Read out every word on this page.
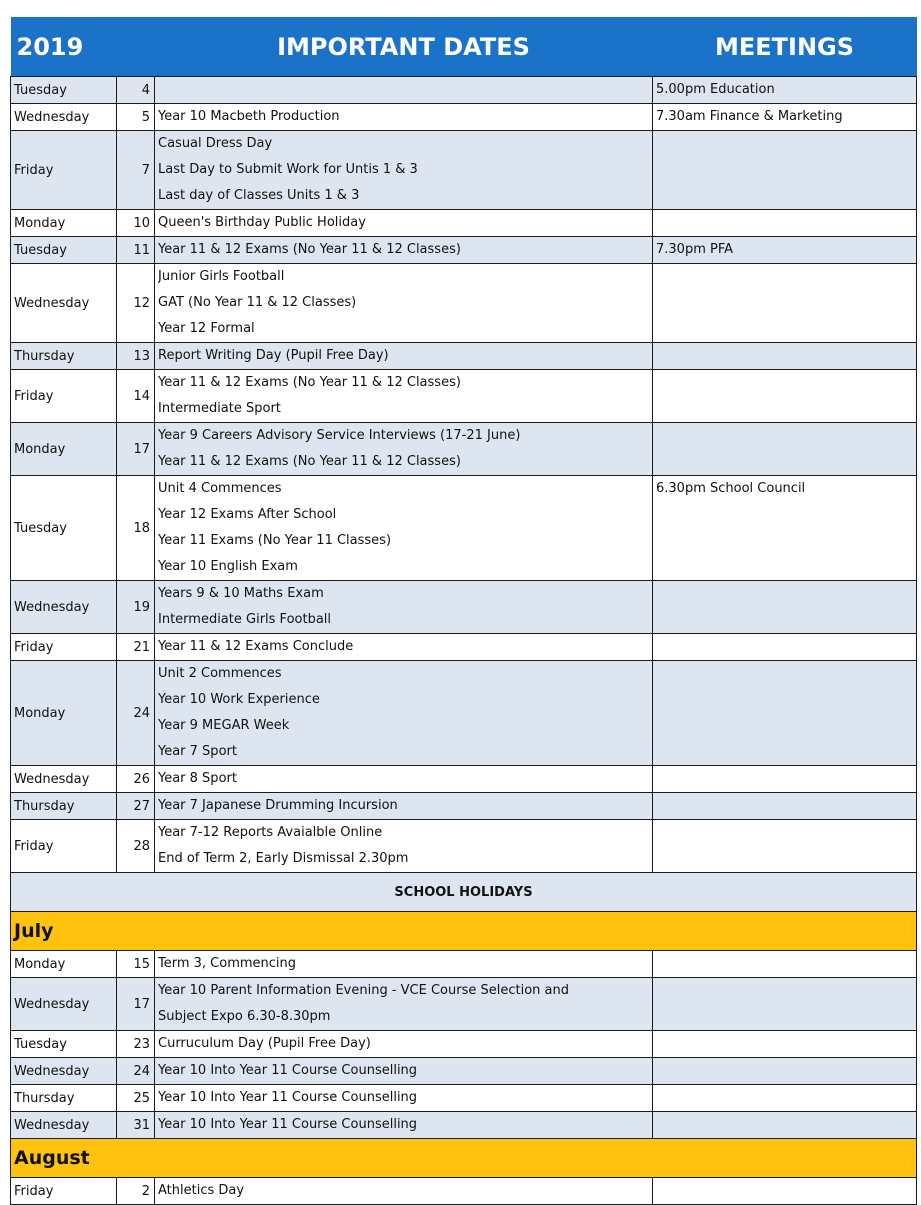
2019		IMPORTANT DATES	MEETINGS
Tuesday	4		5.00pm Education

Wednesday	5	Year 10 Macbeth Production	7.30am Finance & Marketing

Friday	7	Casual Dress Day
Last Day to Submit Work for Untis 1 & 3
Last day of Classes Units 1 & 3	

Monday	10	Queen's Birthday Public Holiday	

Tuesday	11	Year 11 & 12 Exams (No Year 11 & 12 Classes)	7.30pm PFA

Wednesday	12	Junior Girls Football
GAT (No Year 11 & 12 Classes)
Year 12 Formal	

Thursday	13	Report Writing Day (Pupil Free Day)	

Friday	14	Year 11 & 12 Exams (No Year 11 & 12 Classes)
Intermediate Sport	

Monday	17	Year 9 Careers Advisory Service Interviews (17-21 June)
Year 11 & 12 Exams (No Year 11 & 12 Classes)	

Tuesday	18	Unit 4 Commences
Year 12 Exams After School
Year 11 Exams (No Year 11 Classes)
Year 10 English Exam	6.30pm School Council

Wednesday	19	Years 9 & 10 Maths Exam
Intermediate Girls Football	

Friday	21	Year 11 & 12 Exams Conclude	

Monday	24	Unit 2 Commences
Year 10 Work Experience
Year 9 MEGAR Week
Year 7 Sport	

Wednesday	26	Year 8 Sport	

Thursday	27	Year 7 Japanese Drumming Incursion	

Friday	28	Year 7-12 Reports Avaialble Online
End of Term 2, Early Dismissal 2.30pm	

SCHOOL HOLIDAYS			
July			
Monday	15	Term 3, Commencing	

Wednesday	17	Year 10 Parent Information Evening - VCE Course Selection and
Subject Expo 6.30-8.30pm	

Tuesday	23	Curruculum Day (Pupil Free Day)	

Wednesday	24	Year 10 Into Year 11 Course Counselling	

Thursday	25	Year 10 Into Year 11 Course Counselling	

Wednesday	31	Year 10 Into Year 11 Course Counselling	

August			
Friday	2	Athletics Day	
